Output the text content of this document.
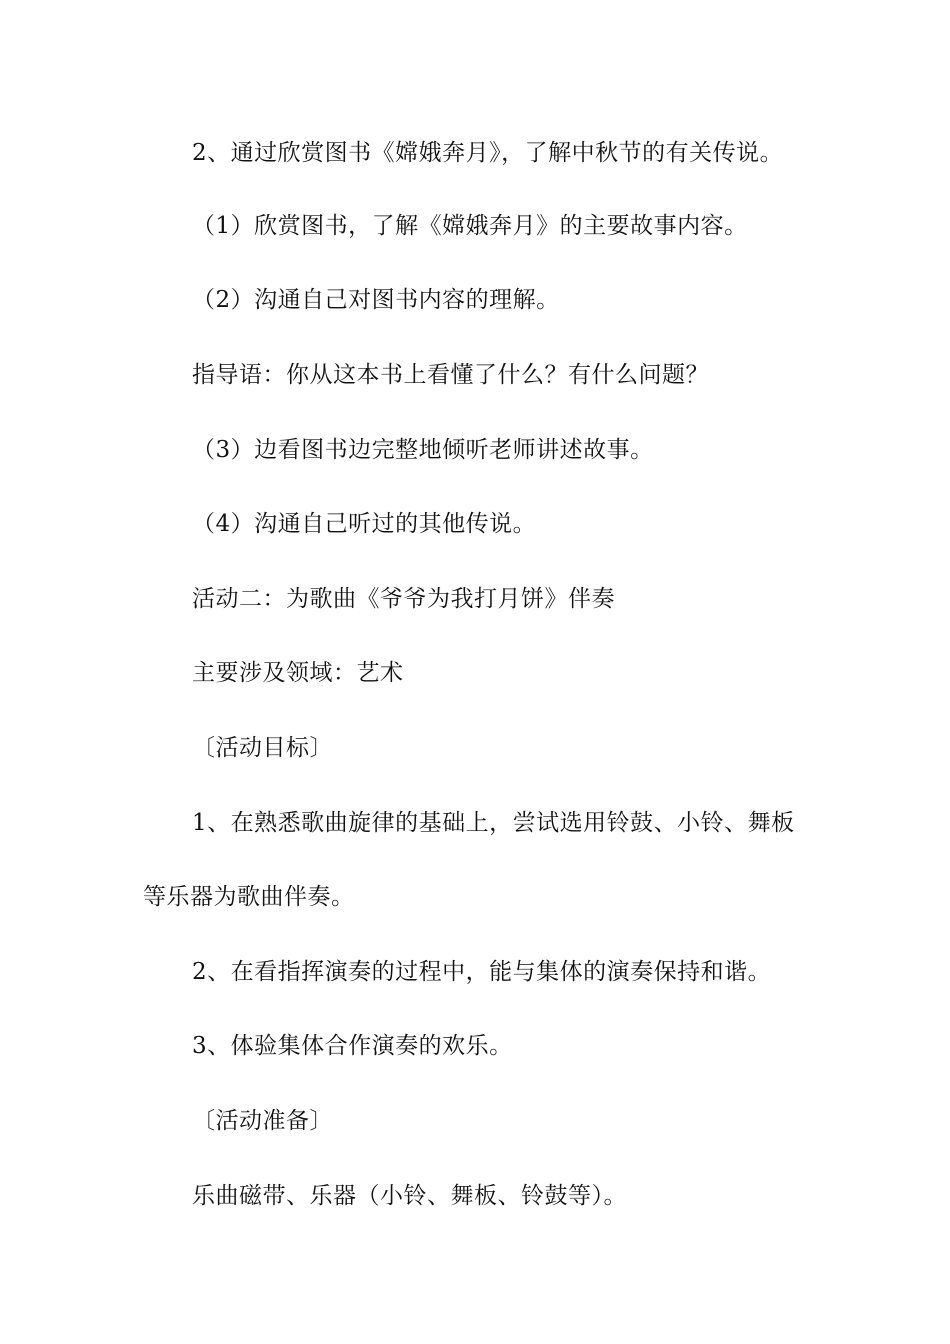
2、通过欣赏图书《嫦娥奔月》，了解中秋节的有关传说。
（1）欣赏图书，了解《嫦娥奔月》的主要故事内容。
（2）沟通自己对图书内容的理解。
指导语：你从这本书上看懂了什么？有什么问题？
（3）边看图书边完整地倾听老师讲述故事。
（4）沟通自己听过的其他传说。
活动二：为歌曲《爷爷为我打月饼》伴奏
主要涉及领域：艺术
〔活动目标〕
1、在熟悉歌曲旋律的基础上，尝试选用铃鼓、小铃、舞板
等乐器为歌曲伴奏。
2、在看指挥演奏的过程中，能与集体的演奏保持和谐。
3、体验集体合作演奏的欢乐。
〔活动准备〕
乐曲磁带、乐器（小铃、舞板、铃鼓等）。
